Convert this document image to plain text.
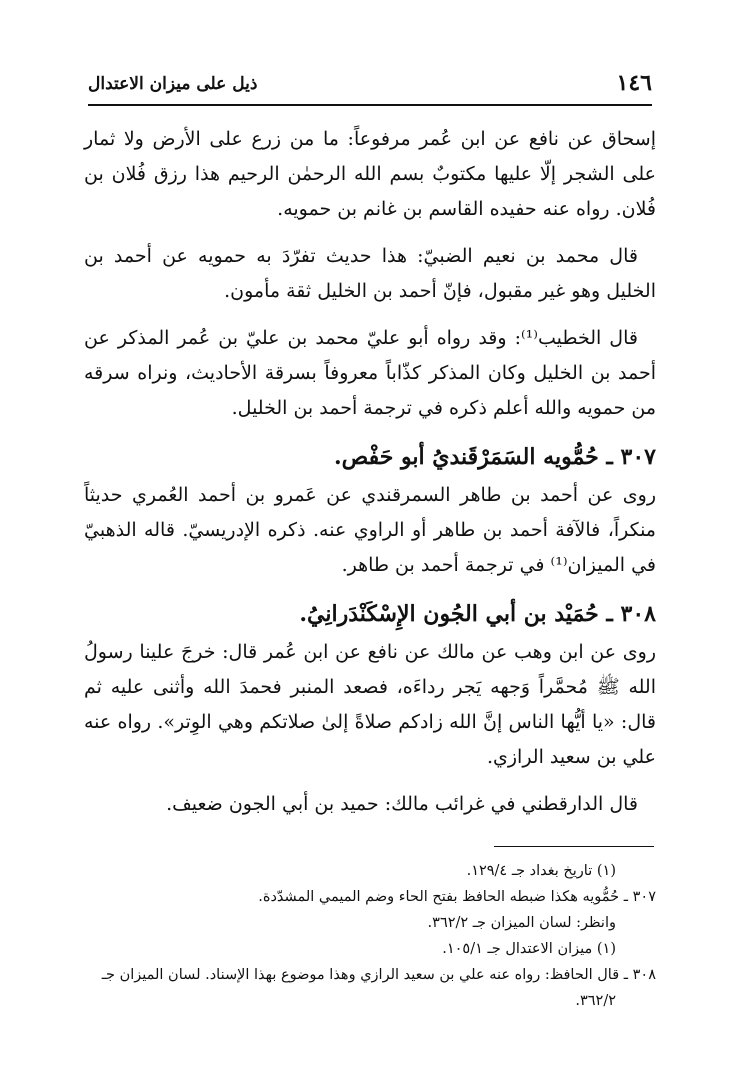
١٤٦
ذيل على ميزان الاعتدال

إسحاق عن نافع عن ابن عُمر مرفوعاً: ما من زرع على الأرض ولا ثمار على الشجر إلّا عليها مكتوبٌ بسم الله الرحمٰن الرحيم هذا رزق فُلان بن فُلان. رواه عنه حفيده القاسم بن غانم بن حمويه.

قال محمد بن نعيم الضبيّ: هذا حديث تفرّدَ به حمويه عن أحمد بن الخليل وهو غير مقبول، فإنّ أحمد بن الخليل ثقة مأمون.

قال الخطيب⁽¹⁾: وقد رواه أبو عليّ محمد بن عليّ بن عُمر المذكر عن أحمد بن الخليل وكان المذكر كذّاباً معروفاً بسرقة الأحاديث، ونراه سرقه من حمويه والله أعلم ذكره في ترجمة أحمد بن الخليل.

٣٠٧ ـ حُمُّويه السَمَرْقَنديُ أبو حَفْص.

روى عن أحمد بن طاهر السمرقندي عن عَمرو بن أحمد العُمري حديثاً منكراً، فالآفة أحمد بن طاهر أو الراوي عنه. ذكره الإدريسيّ. قاله الذهبيّ في الميزان⁽¹⁾ في ترجمة أحمد بن طاهر.

٣٠٨ ـ حُمَيْد بن أبي الجُون الإِسْكَنْدَرانِيُ.

روى عن ابن وهب عن مالك عن نافع عن ابن عُمر قال: خرجَ علينا رسولُ الله ﷺ مُحمَّراً وَجهه يَجر رداءَه، فصعد المنبر فحمدَ الله وأثنى عليه ثم قال: «يا أيُّها الناس إنَّ الله زادكم صلاةً إلىٰ صلاتكم وهي الوِتر». رواه عنه علي بن سعيد الرازي.

قال الدارقطني في غرائب مالك: حميد بن أبي الجون ضعيف.

(١) تاريخ بغداد جـ ١٢٩/٤.

٣٠٧ ـ حُمُّويه هكذا ضبطه الحافظ بفتح الحاء وضم الميمي المشدّدة.

وانظر: لسان الميزان جـ ٣٦٢/٢.

(١) ميزان الاعتدال جـ ١٠٥/١.

٣٠٨ ـ قال الحافظ: رواه عنه علي بن سعيد الرازي وهذا موضوع بهذا الإسناد. لسان الميزان جـ

٣٦٢/٢.
